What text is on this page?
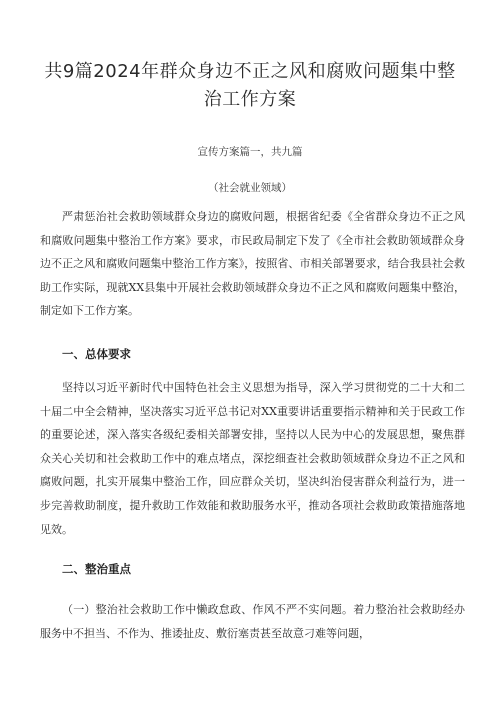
共9篇2024年群众身边不正之风和腐败问题集中整治工作方案
宣传方案篇一，共九篇
（社会就业领域）

严肃惩治社会救助领域群众身边的腐败问题，根据省纪委《全省群众身边不正之风和腐败问题集中整治工作方案》要求，市民政局制定下发了《全市社会救助领域群众身边不正之风和腐败问题集中整治工作方案》，按照省、市相关部署要求，结合我县社会救助工作实际，现就XX县集中开展社会救助领域群众身边不正之风和腐败问题集中整治，制定如下工作方案。

一、总体要求

坚持以习近平新时代中国特色社会主义思想为指导，深入学习贯彻党的二十大和二十届二中全会精神，坚决落实习近平总书记对XX重要讲话重要指示精神和关于民政工作的重要论述，深入落实各级纪委相关部署安排，坚持以人民为中心的发展思想，聚焦群众关心关切和社会救助工作中的难点堵点，深挖细查社会救助领域群众身边不正之风和腐败问题，扎实开展集中整治工作，回应群众关切，坚决纠治侵害群众利益行为，进一步完善救助制度，提升救助工作效能和救助服务水平，推动各项社会救助政策措施落地见效。

二、整治重点

（一）整治社会救助工作中懒政怠政、作风不严不实问题。着力整治社会救助经办服务中不担当、不作为、推诿扯皮、敷衍塞责甚至故意刁难等问题，
